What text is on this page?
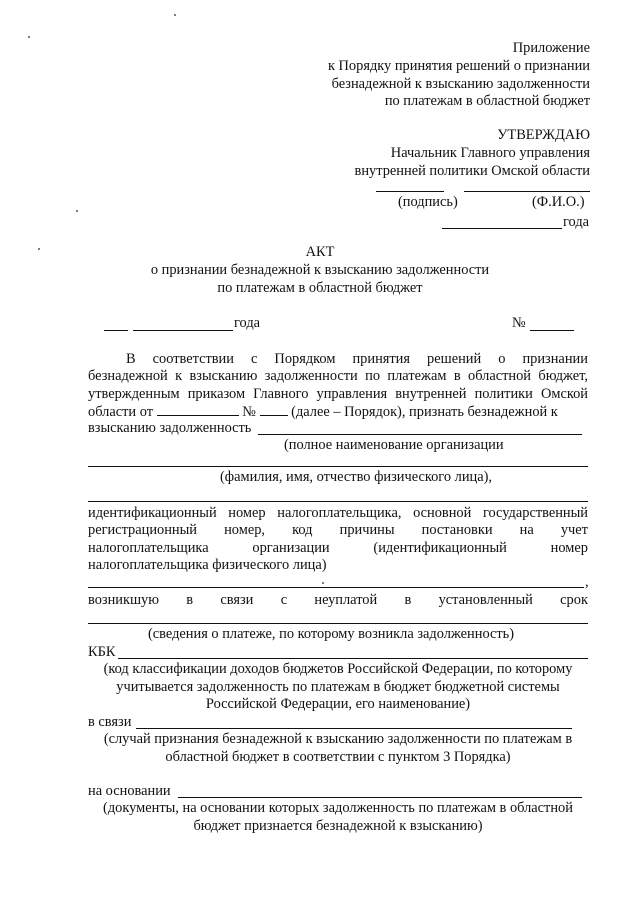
Приложение
к Порядку принятия решений о признании
безнадежной к взысканию задолженности
по платежам в областной бюджет
УТВЕРЖДАЮ
Начальник Главного управления
внутренней политики Омской области
(подпись)	(Ф.И.О.)
года
АКТ
о признании безнадежной к взысканию задолженности
по платежам в областной бюджет
года	№
В соответствии с Порядком принятия решений о признании
безнадежной к взысканию задолженности по платежам в областной бюджет,
утвержденным приказом Главного управления внутренней политики Омской
области от	№ (далее – Порядок), признать безнадежной к
взысканию задолженность
(полное наименование организации
(фамилия, имя, отчество физического лица),
идентификационный номер налогоплательщика, основной государственный
регистрационный номер, код причины постановки на учет
налогоплательщика	организации	(идентификационный	номер
налогоплательщика физического лица)
,
возникшую в связи с неуплатой в установленный срок
(сведения о платеже, по которому возникла задолженность)
КБК
(код классификации доходов бюджетов Российской Федерации, по которому
учитывается задолженность по платежам в бюджет бюджетной системы
Российской Федерации, его наименование)
в связи
(случай признания безнадежной к взысканию задолженности по платежам в
областной бюджет в соответствии с пунктом 3 Порядка)
на основании
(документы, на основании которых задолженность по платежам в областной
бюджет признается безнадежной к взысканию)
